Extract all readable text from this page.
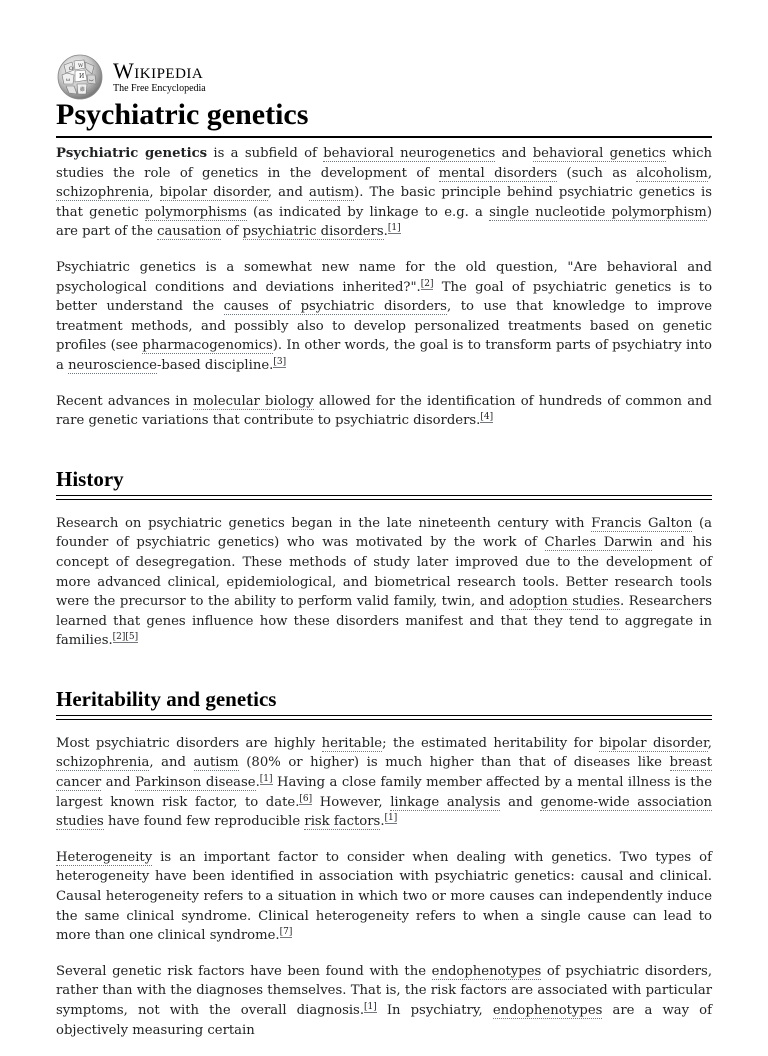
Ω W
И
ω	ب
維
Wikipedia
The Free Encyclopedia
Psychiatric genetics

Psychiatric genetics is a subfield of behavioral neurogenetics and behavioral genetics which studies the role of genetics in the development of mental disorders (such as alcoholism, schizophrenia, bipolar disorder, and autism). The basic principle behind psychiatric genetics is that genetic polymorphisms (as indicated by linkage to e.g. a single nucleotide polymorphism) are part of the causation of psychiatric disorders.[1]

Psychiatric genetics is a somewhat new name for the old question, "Are behavioral and psychological conditions and deviations inherited?".[2] The goal of psychiatric genetics is to better understand the causes of psychiatric disorders, to use that knowledge to improve treatment methods, and possibly also to develop personalized treatments based on genetic profiles (see pharmacogenomics). In other words, the goal is to transform parts of psychiatry into a neuroscience-based discipline.[3]

Recent advances in molecular biology allowed for the identification of hundreds of common and rare genetic variations that contribute to psychiatric disorders.[4]

History

Research on psychiatric genetics began in the late nineteenth century with Francis Galton (a founder of psychiatric genetics) who was motivated by the work of Charles Darwin and his concept of desegregation. These methods of study later improved due to the development of more advanced clinical, epidemiological, and biometrical research tools. Better research tools were the precursor to the ability to perform valid family, twin, and adoption studies. Researchers learned that genes influence how these disorders manifest and that they tend to aggregate in families.[2][5]

Heritability and genetics

Most psychiatric disorders are highly heritable; the estimated heritability for bipolar disorder, schizophrenia, and autism (80% or higher) is much higher than that of diseases like breast cancer and Parkinson disease.[1] Having a close family member affected by a mental illness is the largest known risk factor, to date.[6] However, linkage analysis and genome-wide association studies have found few reproducible risk factors.[1]

Heterogeneity is an important factor to consider when dealing with genetics. Two types of heterogeneity have been identified in association with psychiatric genetics: causal and clinical. Causal heterogeneity refers to a situation in which two or more causes can independently induce the same clinical syndrome. Clinical heterogeneity refers to when a single cause can lead to more than one clinical syndrome.[7]

Several genetic risk factors have been found with the endophenotypes of psychiatric disorders, rather than with the diagnoses themselves. That is, the risk factors are associated with particular symptoms, not with the overall diagnosis.[1] In psychiatry, endophenotypes are a way of objectively measuring certain
